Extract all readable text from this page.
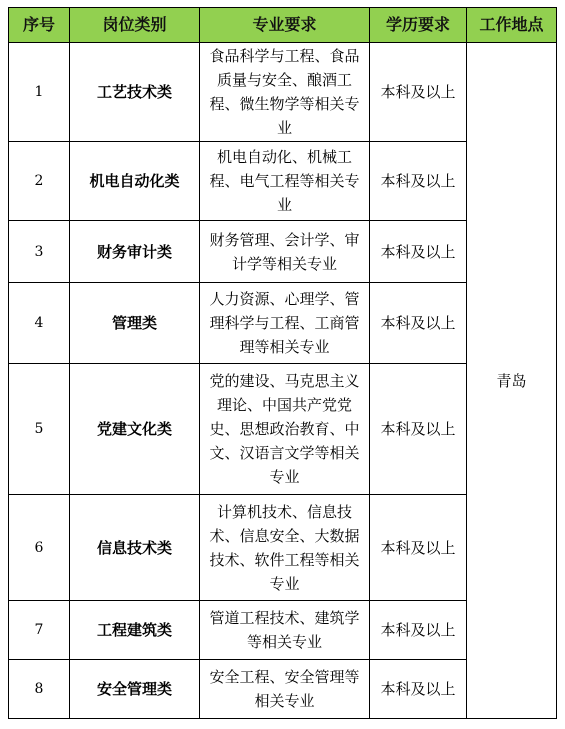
序号	岗位类别	专业要求	学历要求	工作地点
1	工艺技术类	食品科学与工程、食品质量与安全、酿酒工程、微生物学等相关专业	本科及以上	青岛
2	机电自动化类	机电自动化、机械工程、电气工程等相关专业	本科及以上	
3	财务审计类	财务管理、会计学、审计学等相关专业	本科及以上	
4	管理类	人力资源、心理学、管理科学与工程、工商管理等相关专业	本科及以上	
5	党建文化类	党的建设、马克思主义理论、中国共产党党史、思想政治教育、中文、汉语言文学等相关专业	本科及以上	
6	信息技术类	计算机技术、信息技术、信息安全、大数据技术、软件工程等相关专业	本科及以上	
7	工程建筑类	管道工程技术、建筑学等相关专业	本科及以上	
8	安全管理类	安全工程、安全管理等相关专业	本科及以上	
